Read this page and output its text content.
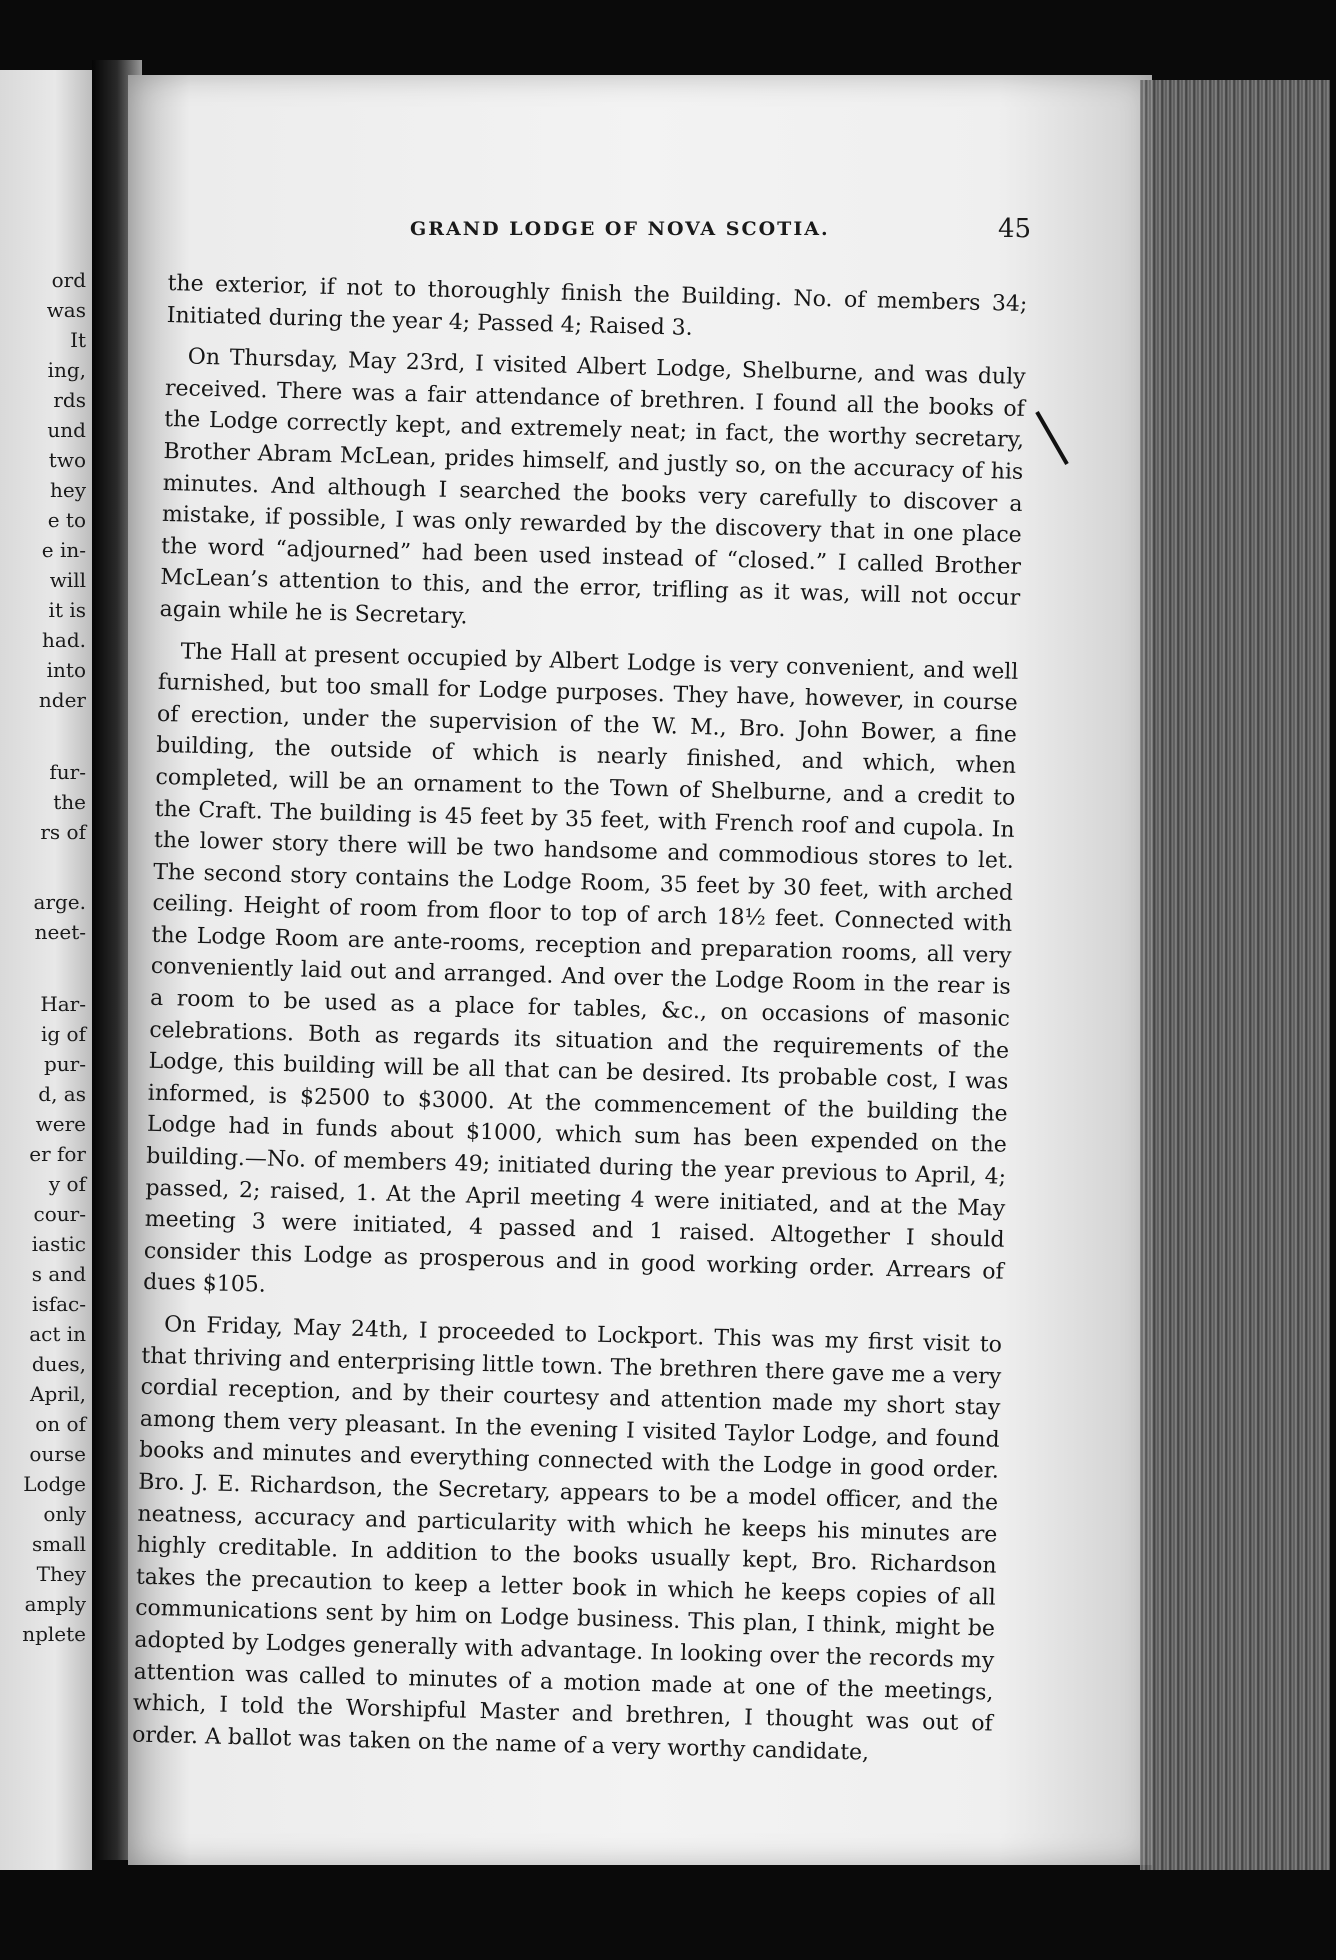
ord
was
It
ing,
rds
und
two
hey
e to
e in-
will
it is
had.
into
nder
fur-
the
rs of
arge.
neet-
Har-
ig of
pur-
d, as
were
er for
y of
cour-
iastic
s and
isfac-
act in
dues,
April,
on of
ourse
Lodge
only
small
They
amply
nplete
GRAND LODGE OF NOVA SCOTIA.	45

the exterior, if not to thoroughly finish the Building. No. of members 34; Initiated during the year 4; Passed 4; Raised 3.

On Thursday, May 23rd, I visited Albert Lodge, Shelburne, and was duly received. There was a fair attendance of brethren. I found all the books of the Lodge correctly kept, and extremely neat; in fact, the worthy secretary, Brother Abram McLean, prides himself, and justly so, on the accuracy of his minutes. And although I searched the books very carefully to discover a mistake, if possible, I was only rewarded by the discovery that in one place the word “adjourned” had been used instead of “closed.” I called Brother McLean’s attention to this, and the error, trifling as it was, will not occur again while he is Secretary.

The Hall at present occupied by Albert Lodge is very convenient, and well furnished, but too small for Lodge purposes. They have, however, in course of erection, under the supervision of the W. M., Bro. John Bower, a fine building, the outside of which is nearly finished, and which, when completed, will be an ornament to the Town of Shelburne, and a credit to the Craft. The building is 45 feet by 35 feet, with French roof and cupola. In the lower story there will be two handsome and commodious stores to let. The second story contains the Lodge Room, 35 feet by 30 feet, with arched ceiling. Height of room from floor to top of arch 18½ feet. Connected with the Lodge Room are ante-rooms, reception and preparation rooms, all very conveniently laid out and arranged. And over the Lodge Room in the rear is a room to be used as a place for tables, &c., on occasions of masonic celebrations. Both as regards its situation and the requirements of the Lodge, this building will be all that can be desired. Its probable cost, I was informed, is $2500 to $3000. At the commencement of the building the Lodge had in funds about $1000, which sum has been expended on the building.—No. of members 49; initiated during the year previous to April, 4; passed, 2; raised, 1. At the April meeting 4 were initiated, and at the May meeting 3 were initiated, 4 passed and 1 raised. Altogether I should consider this Lodge as prosperous and in good working order. Arrears of dues $105.

On Friday, May 24th, I proceeded to Lockport. This was my first visit to that thriving and enterprising little town. The brethren there gave me a very cordial reception, and by their courtesy and attention made my short stay among them very pleasant. In the evening I visited Taylor Lodge, and found books and minutes and everything connected with the Lodge in good order. Bro. J. E. Richardson, the Secretary, appears to be a model officer, and the neatness, accuracy and particularity with which he keeps his minutes are highly creditable. In addition to the books usually kept, Bro. Richardson takes the precaution to keep a letter book in which he keeps copies of all communications sent by him on Lodge business. This plan, I think, might be adopted by Lodges generally with advantage. In looking over the records my attention was called to minutes of a motion made at one of the meetings, which, I told the Worshipful Master and brethren, I thought was out of order. A ballot was taken on the name of a very worthy candidate,
